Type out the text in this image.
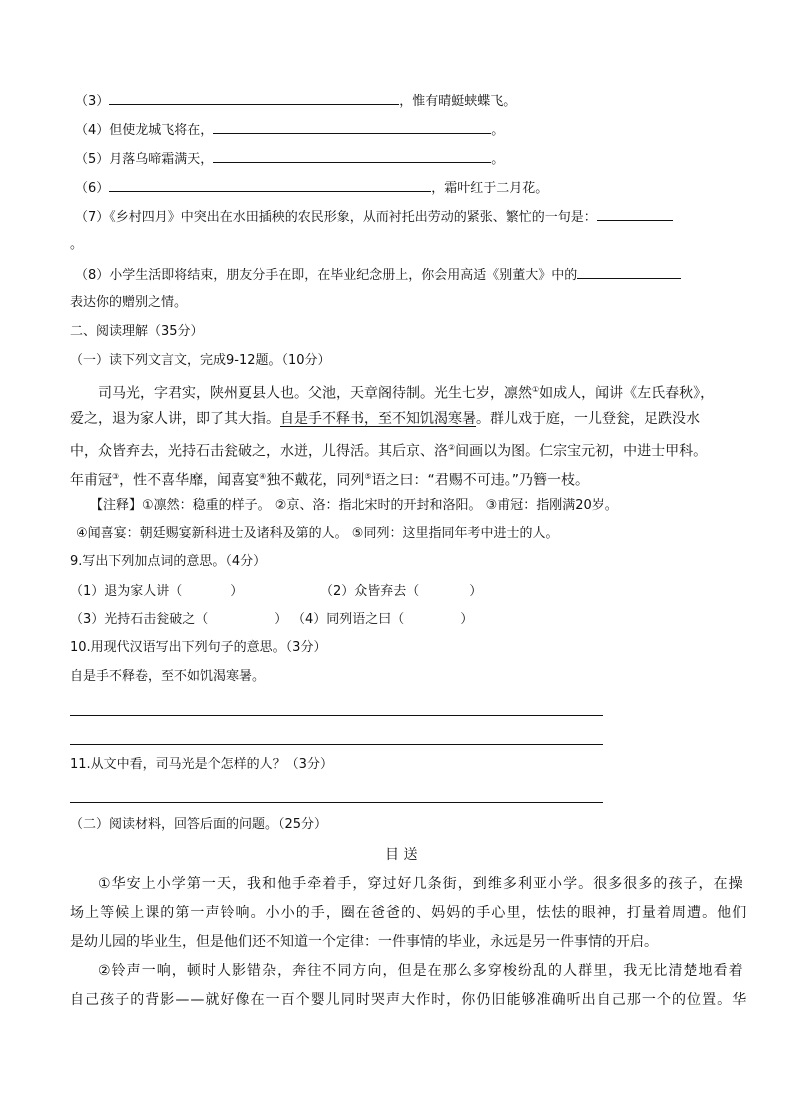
（3）	，惟有晴蜓蛱蝶飞。
（4）但使龙城飞将在，	。
（5）月落乌啼霜满天，	。
（6）	，霜叶红于二月花。
（7）《乡村四月》中突出在水田插秧的农民形象，从而衬托出劳动的紧张、繁忙的一句是：
。
（8）小学生活即将结束，朋友分手在即，在毕业纪念册上，你会用高适《别董大》中的
表达你的赠别之情。
二、阅读理解（35分）
（一）读下列文言文，完成9-12题。（10分）
司马光，字君实，陕州夏县人也。父池，天章阁待制。光生七岁，凛然①如成人，闻讲《左氏春秋》，
爱之，退为家人讲，即了其大指。自是手不释书，至不知饥渴寒暑。群儿戏于庭，一儿登瓮，足跌没水
中，众皆弃去，光持石击瓮破之，水迸，儿得活。其后京、洛②间画以为图。仁宗宝元初，中进士甲科。
年甫冠③，性不喜华靡，闻喜宴④独不戴花，同列⑤语之曰：“君赐不可违。”乃簪一枝。
【注释】①凛然：稳重的样子。 ②京、洛：指北宋时的开封和洛阳。 ③甫冠：指刚满20岁。
④闻喜宴：朝廷赐宴新科进士及诸科及第的人。 ⑤同列：这里指同年考中进士的人。
9.写出下列加点词的意思。（4分）
（1）退为家人讲（	）	（2）众皆弃去（	）
（3）光持石击瓮破之（	） （4）同列语之曰（	）
10.用现代汉语写出下列句子的意思。（3分）
自是手不释卷，至不如饥渴寒暑。
11.从文中看，司马光是个怎样的人？（3分）
（二）阅读材料，回答后面的问题。（25分）
目 送
①华安上小学第一天，我和他手牵着手，穿过好几条街，到维多利亚小学。很多很多的孩子，在操
场上等候上课的第一声铃响。小小的手，圈在爸爸的、妈妈的手心里，怯怯的眼神，打量着周遭。他们
是幼儿园的毕业生，但是他们还不知道一个定律：一件事情的毕业，永远是另一件事情的开启。
②铃声一响，顿时人影错杂，奔往不同方向，但是在那么多穿梭纷乱的人群里，我无比清楚地看着
自己孩子的背影——就好像在一百个婴儿同时哭声大作时，你仍旧能够准确听出自己那一个的位置。华
